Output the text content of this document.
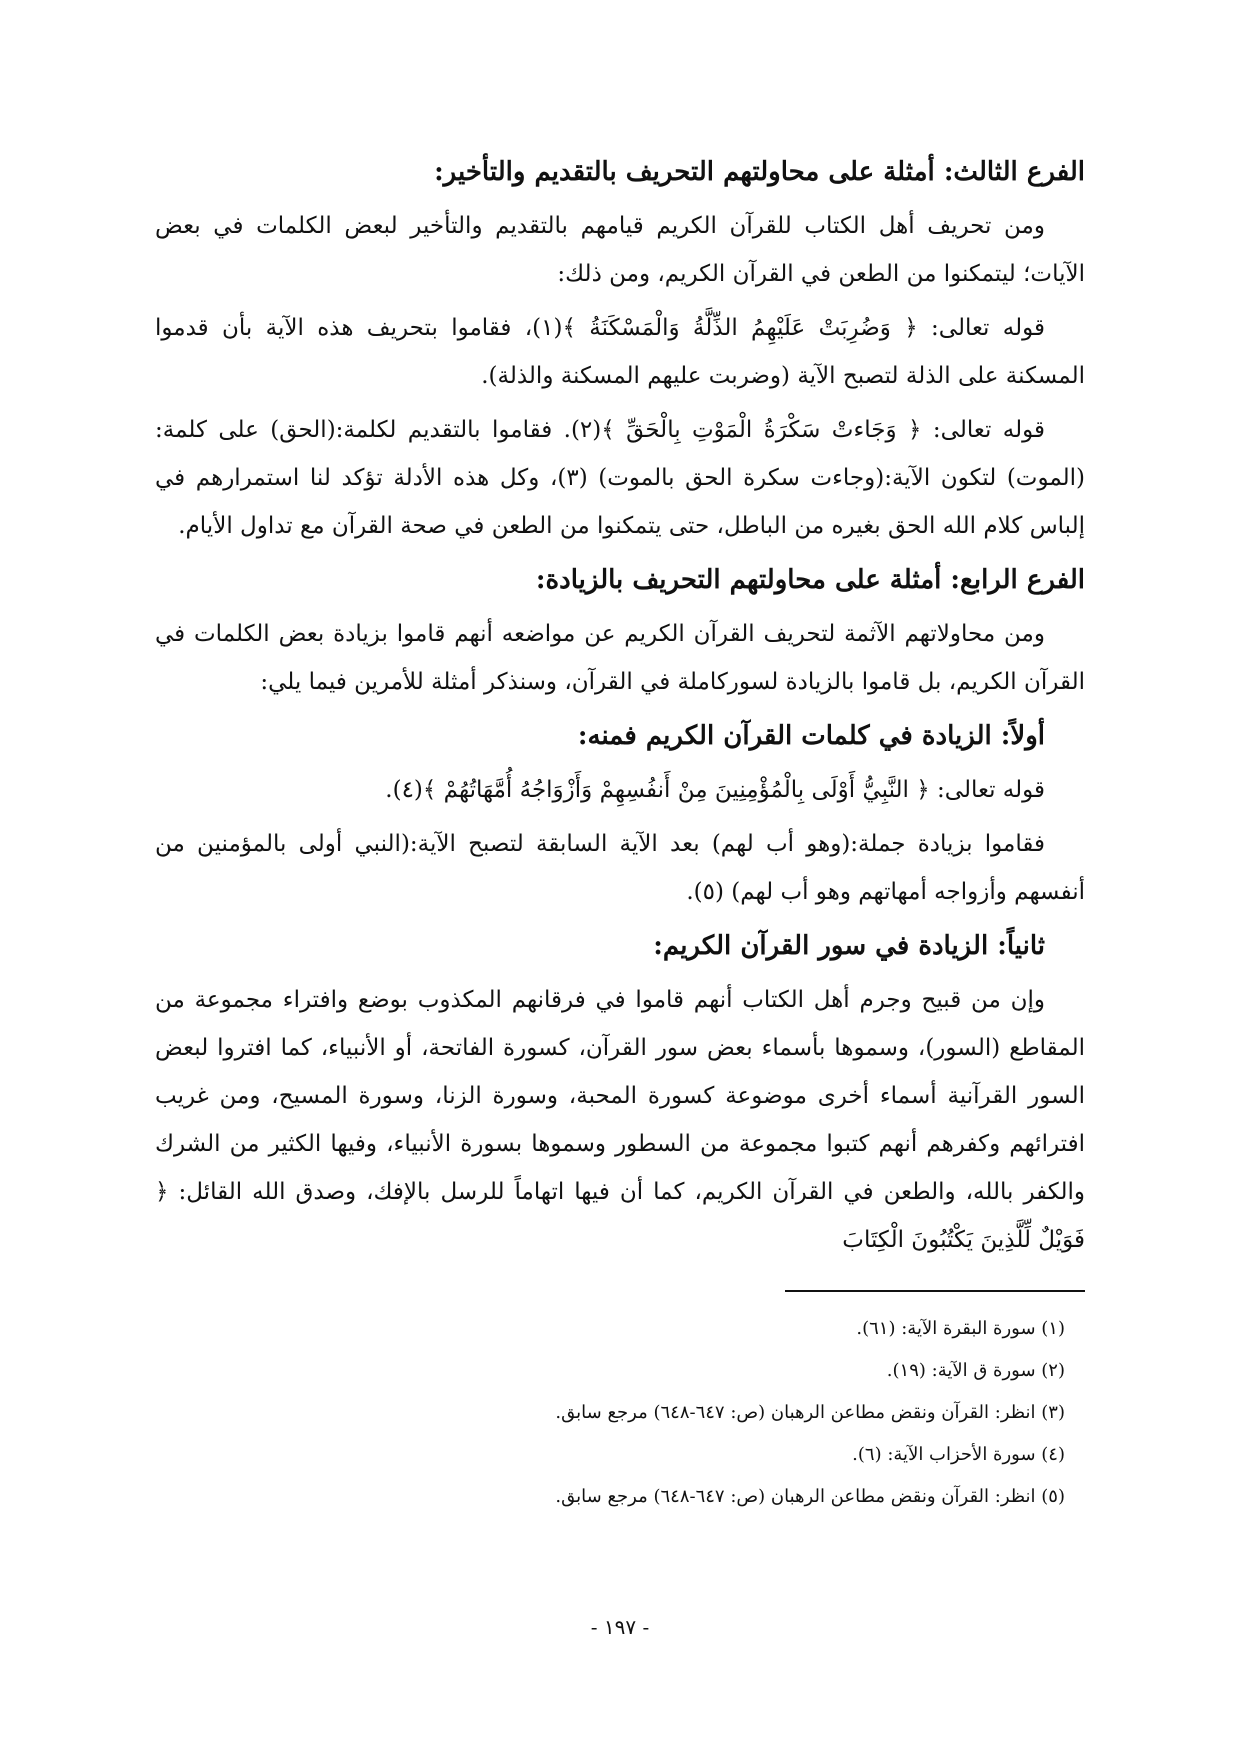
الفرع الثالث: أمثلة على محاولتهم التحريف بالتقديم والتأخير:

ومن تحريف أهل الكتاب للقرآن الكريم قيامهم بالتقديم والتأخير لبعض الكلمات في بعض الآيات؛ ليتمكنوا من الطعن في القرآن الكريم، ومن ذلك:

قوله تعالى: ﴿ وَضُرِبَتْ عَلَيْهِمُ الذِّلَّةُ وَالْمَسْكَنَةُ ﴾(١)، فقاموا بتحريف هذه الآية بأن قدموا المسكنة على الذلة لتصبح الآية (وضربت عليهم المسكنة والذلة).

قوله تعالى: ﴿ وَجَاءتْ سَكْرَةُ الْمَوْتِ بِالْحَقِّ ﴾(٢). فقاموا بالتقديم لكلمة:(الحق) على كلمة:(الموت) لتكون الآية:(وجاءت سكرة الحق بالموت) (٣)، وكل هذه الأدلة تؤكد لنا استمرارهم في إلباس كلام الله الحق بغيره من الباطل، حتى يتمكنوا من الطعن في صحة القرآن مع تداول الأيام.

الفرع الرابع: أمثلة على محاولتهم التحريف بالزيادة:

ومن محاولاتهم الآثمة لتحريف القرآن الكريم عن مواضعه أنهم قاموا بزيادة بعض الكلمات في القرآن الكريم، بل قاموا بالزيادة لسوركاملة في القرآن، وسنذكر أمثلة للأمرين فيما يلي:

أولاً: الزيادة في كلمات القرآن الكريم فمنه:

قوله تعالى: ﴿ النَّبِيُّ أَوْلَى بِالْمُؤْمِنِينَ مِنْ أَنفُسِهِمْ وَأَزْوَاجُهُ أُمَّهَاتُهُمْ ﴾(٤).

فقاموا بزيادة جملة:(وهو أب لهم) بعد الآية السابقة لتصبح الآية:(النبي أولى بالمؤمنين من أنفسهم وأزواجه أمهاتهم وهو أب لهم) (٥).

ثانياً: الزيادة في سور القرآن الكريم:

وإن من قبيح وجرم أهل الكتاب أنهم قاموا في فرقانهم المكذوب بوضع وافتراء مجموعة من المقاطع (السور)، وسموها بأسماء بعض سور القرآن، كسورة الفاتحة، أو الأنبياء، كما افتروا لبعض السور القرآنية أسماء أخرى موضوعة كسورة المحبة، وسورة الزنا، وسورة المسيح، ومن غريب افترائهم وكفرهم أنهم كتبوا مجموعة من السطور وسموها بسورة الأنبياء، وفيها الكثير من الشرك والكفر بالله، والطعن في القرآن الكريم، كما أن فيها اتهاماً للرسل بالإفك، وصدق الله القائل: ﴿ فَوَيْلٌ لِّلَّذِينَ يَكْتُبُونَ الْكِتَابَ

(١) سورة البقرة الآية: (٦١).
(٢) سورة ق الآية: (١٩).
(٣) انظر: القرآن ونقض مطاعن الرهبان (ص: ٦٤٧-٦٤٨) مرجع سابق.
(٤) سورة الأحزاب الآية: (٦).
(٥) انظر: القرآن ونقض مطاعن الرهبان (ص: ٦٤٧-٦٤٨) مرجع سابق.
- ١٩٧ -
